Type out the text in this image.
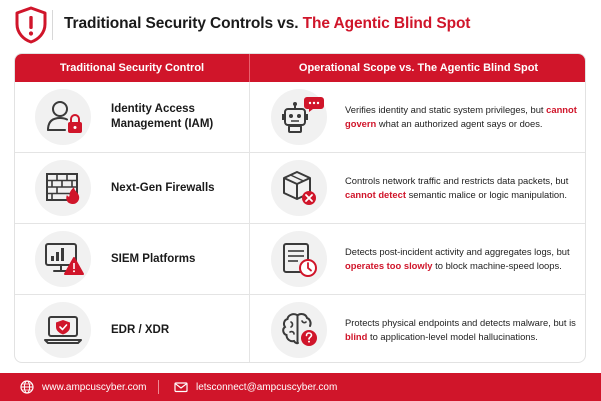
Traditional Security Controls vs. The Agentic Blind Spot
Traditional Security Control	Operational Scope vs. The Agentic Blind Spot
Identity Access Management (IAM)
Verifies identity and static system privileges, but cannot govern what an authorized agent says or does.
Next-Gen Firewalls
Controls network traffic and restricts data packets, but cannot detect semantic malice or logic manipulation.
SIEM Platforms
Detects post-incident activity and aggregates logs, but operates too slowly to block machine-speed loops.
EDR / XDR
Protects physical endpoints and detects malware, but is blind to application-level model hallucinations.
www.ampcuscyber.com	letsconnect@ampcuscyber.com
